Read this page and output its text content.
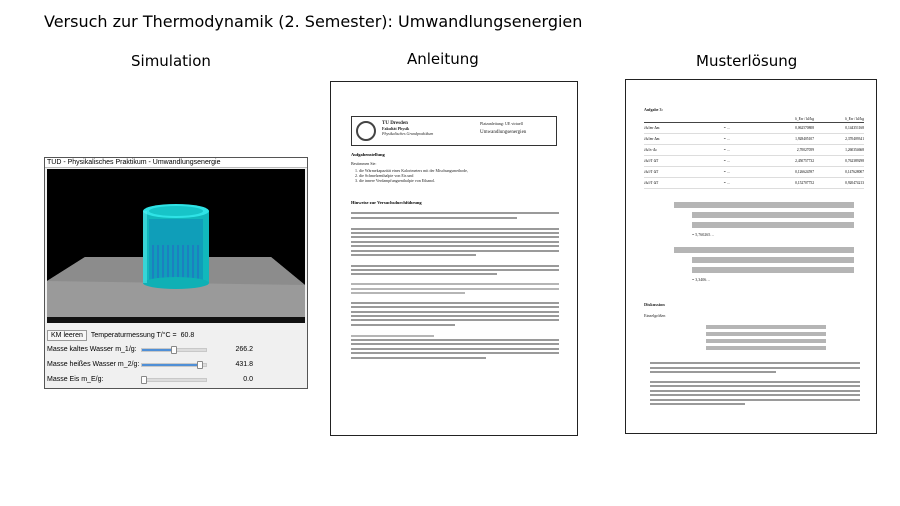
Versuch zur Thermodynamik (2. Semester): Umwandlungsenergien
Simulation	Anleitung	Musterlösung
TUD - Physikalisches Praktikum - Umwandlungsenergie
KM leeren	Temperaturmessung T/°C = 60.8
Masse kaltes Wasser m_1/g:	266.2
Masse heißes Wasser m_2/g:	431.8
Masse Eis m_E/g:	0.0
TU Dresden
Fakultät Physik
Physikalisches Grundpraktikum
Platzanleitung: UE virtuell
Umwandlungsenergien
Aufgabenstellung
Bestimmen Sie:
1. die Wärmekapazität eines Kalorimeters mit der Mischungsmethode,
2. die Schmelzenthalpie von Eis und
3. die innere Verdampfungsenthalpie von Ethanol.
Hinweise zur Versuchsdurchführung
Aufgabe 3:
δ_Ew / kJ/kg	δ_Ew / kJ/kg
∂h/∂m·Δm	= …	0,062570808	0,144351168
∂h/∂m·Δm	= …	1,928405107	2,370409341
∂h/∂c·Δc	= …	2,70027059	1,260354668
∂h/∂T·ΔT	= …	2,450757732	0,762389298
∂h/∂T·ΔT	= …	0,126624597	0,147628007
∂h/∂T·ΔT	= …	0,152707752	0,920474213
= 5,760265…
= 3,3406…
Diskussion
Einzelgrößen
